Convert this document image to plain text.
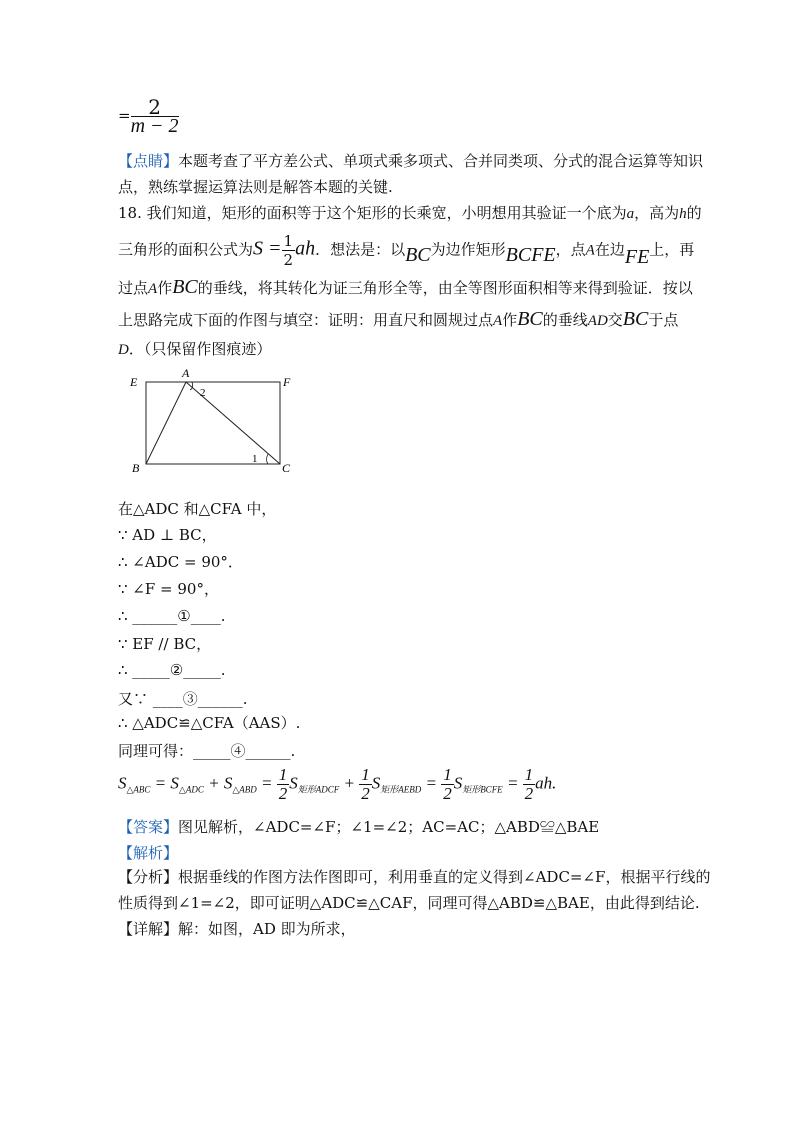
= $\frac{2}{m - 2}$
【点睛】本题考查了平方差公式、单项式乘多项式、合并同类项、分式的混合运算等知识
点，熟练掌握运算法则是解答本题的关键.
18. 我们知道，矩形的面积等于这个矩形的长乘宽，小明想用其验证一个底为a，高为h的
三角形的面积公式为$S = \frac{1}{2}$ ah．想法是：以BC为边作矩形BCFE，点A在边FE上，再
过点A作BC的垂线，将其转化为证三角形全等，由全等图形面积相等来得到验证．按以
上思路完成下面的作图与填空：证明：用直尺和圆规过点A作BC的垂线AD交BC于点
D．（只保留作图痕迹）
E
A
F
B	C
1
2
在△ADC 和△CFA 中，
∵ AD ⊥ BC，
∴ ∠ADC = 90°．
∵ ∠F = 90°，
∴ ______①____.
∵ EF // BC，
∴ _____②_____.
又∵ ____③______.
∴ △ADC≌△CFA（AAS）.
同理可得：_____④______.
$S_{\triangle ABC} = S_{\triangle ADC} + S_{\triangle ABD} = \frac{1}{2} S_{矩形ADCF} + \frac{1}{2} S_{矩形AEBD} = \frac{1}{2} S_{矩形BCFE} = \frac{1}{2}$ ah.
【答案】图见解析，∠ADC=∠F；∠1=∠2；AC=AC；△ABD≌△BAE
【解析】
【分析】根据垂线的作图方法作图即可，利用垂直的定义得到∠ADC=∠F，根据平行线的
性质得到∠1=∠2，即可证明△ADC≌△CAF，同理可得△ABD≌△BAE，由此得到结论.
【详解】解：如图，AD 即为所求，
